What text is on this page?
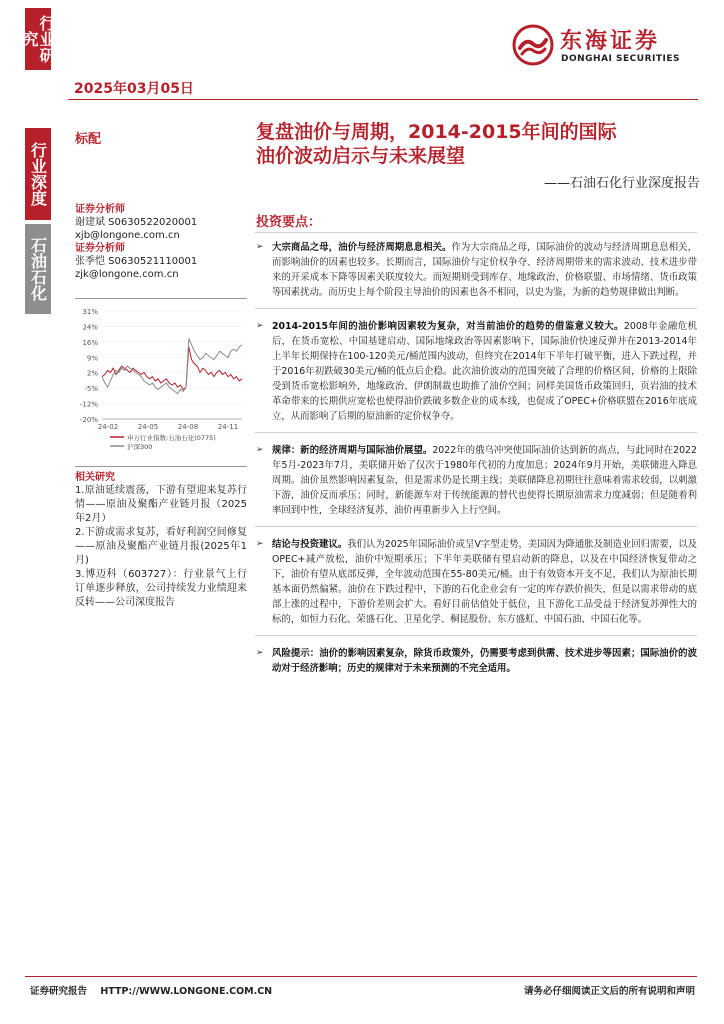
行业研究
行业深度
石油石化
2025年03月05日
东海证券
DONGHAI SECURITIES
标配	复盘油价与周期，2014-2015年间的国际
油价波动启示与未来展望
——石油石化行业深度报告
证券分析师
谢建斌 S0630522020001
xjb@longone.com.cn
证券分析师
张季恺 S0630521110001
zjk@longone.com.cn
31%
24%
16%
9%
2%
-5%
-12%
-20%
24-02	24-05	24-08	24-11
申万行业指数:石油石化(0775)
沪深300
相关研究
1.原油延续震荡，下游有望迎来复苏行情——原油及聚酯产业链月报（2025年2月）
2.下游或需求复苏，看好利润空间修复——原油及聚酯产业链月报(2025年1月)
3.博迈科（603727）：行业景气上行订单逐步释放，公司持续发力业绩迎来反转——公司深度报告
投资要点：
➢ 大宗商品之母，油价与经济周期息息相关。作为大宗商品之母，国际油价的波动与经济周期息息相关，而影响油价的因素也较多。长期而言，国际油价与定价权争夺、经济周期带来的需求波动、技术进步带来的开采成本下降等因素关联度较大。而短期则受到库存、地缘政治、价格联盟、市场情绪、货币政策等因素扰动。而历史上每个阶段主导油价的因素也各不相同，以史为鉴，为新的趋势规律做出判断。
➢ 2014-2015年间的油价影响因素较为复杂，对当前油价的趋势的借鉴意义较大。2008年金融危机后，在货币宽松、中国基建启动、国际地缘政治等因素影响下，国际油价快速反弹并在2013-2014年上半年长期保持在100-120美元/桶范围内波动，但终究在2014年下半年打破平衡，进入下跌过程，并于2016年初跌破30美元/桶的低点后企稳。此次油价波动的范围突破了合理的价格区间，价格的上限除受到货币宽松影响外，地缘政治、伊朗制裁也助推了油价空间；同样美国货币政策回归，页岩油的技术革命带来的长期供应宽松也使得油价跌破多数企业的成本线，也促成了OPEC+价格联盟在2016年底成立，从而影响了后期的原油新的定价权争夺。
➢ 规律：新的经济周期与国际油价展望。2022年的俄乌冲突使国际油价达到新的高点，与此同时在2022年5月-2023年7月，美联储开始了仅次于1980年代初的力度加息；2024年9月开始，美联储进入降息周期。油价虽然影响因素复杂，但是需求仍是长期主线；美联储降息初期往往意味着需求较弱，以刺激下游，油价反而承压；同时，新能源车对于传统能源的替代也使得长期原油需求力度减弱；但是随着利率回到中性，全球经济复苏，油价再重新步入上行空间。
➢ 结论与投资建议。我们认为2025年国际油价或呈V字型走势，美国因为降通胀及制造业回归需要，以及OPEC+减产放松，油价中短期承压；下半年美联储有望启动新的降息，以及在中国经济恢复带动之下，油价有望从底部反弹，全年波动范围在55-80美元/桶。由于有效资本开支不足，我们认为原油长期基本面仍然偏紧。油价在下跌过程中，下游的石化企业会有一定的库存跌价损失，但是以需求带动的底部上涨的过程中，下游价差则会扩大。看好目前估值处于低位，且下游化工品受益于经济复苏弹性大的标的，如恒力石化、荣盛石化、卫星化学、桐昆股份、东方盛虹、中国石油、中国石化等。
➢ 风险提示：油价的影响因素复杂，除货币政策外，仍需要考虑到供需、技术进步等因素；国际油价的波动对于经济影响；历史的规律对于未来预测的不完全适用。
证券研究报告 HTTP://WWW.LONGONE.COM.CN	请务必仔细阅读正文后的所有说明和声明
